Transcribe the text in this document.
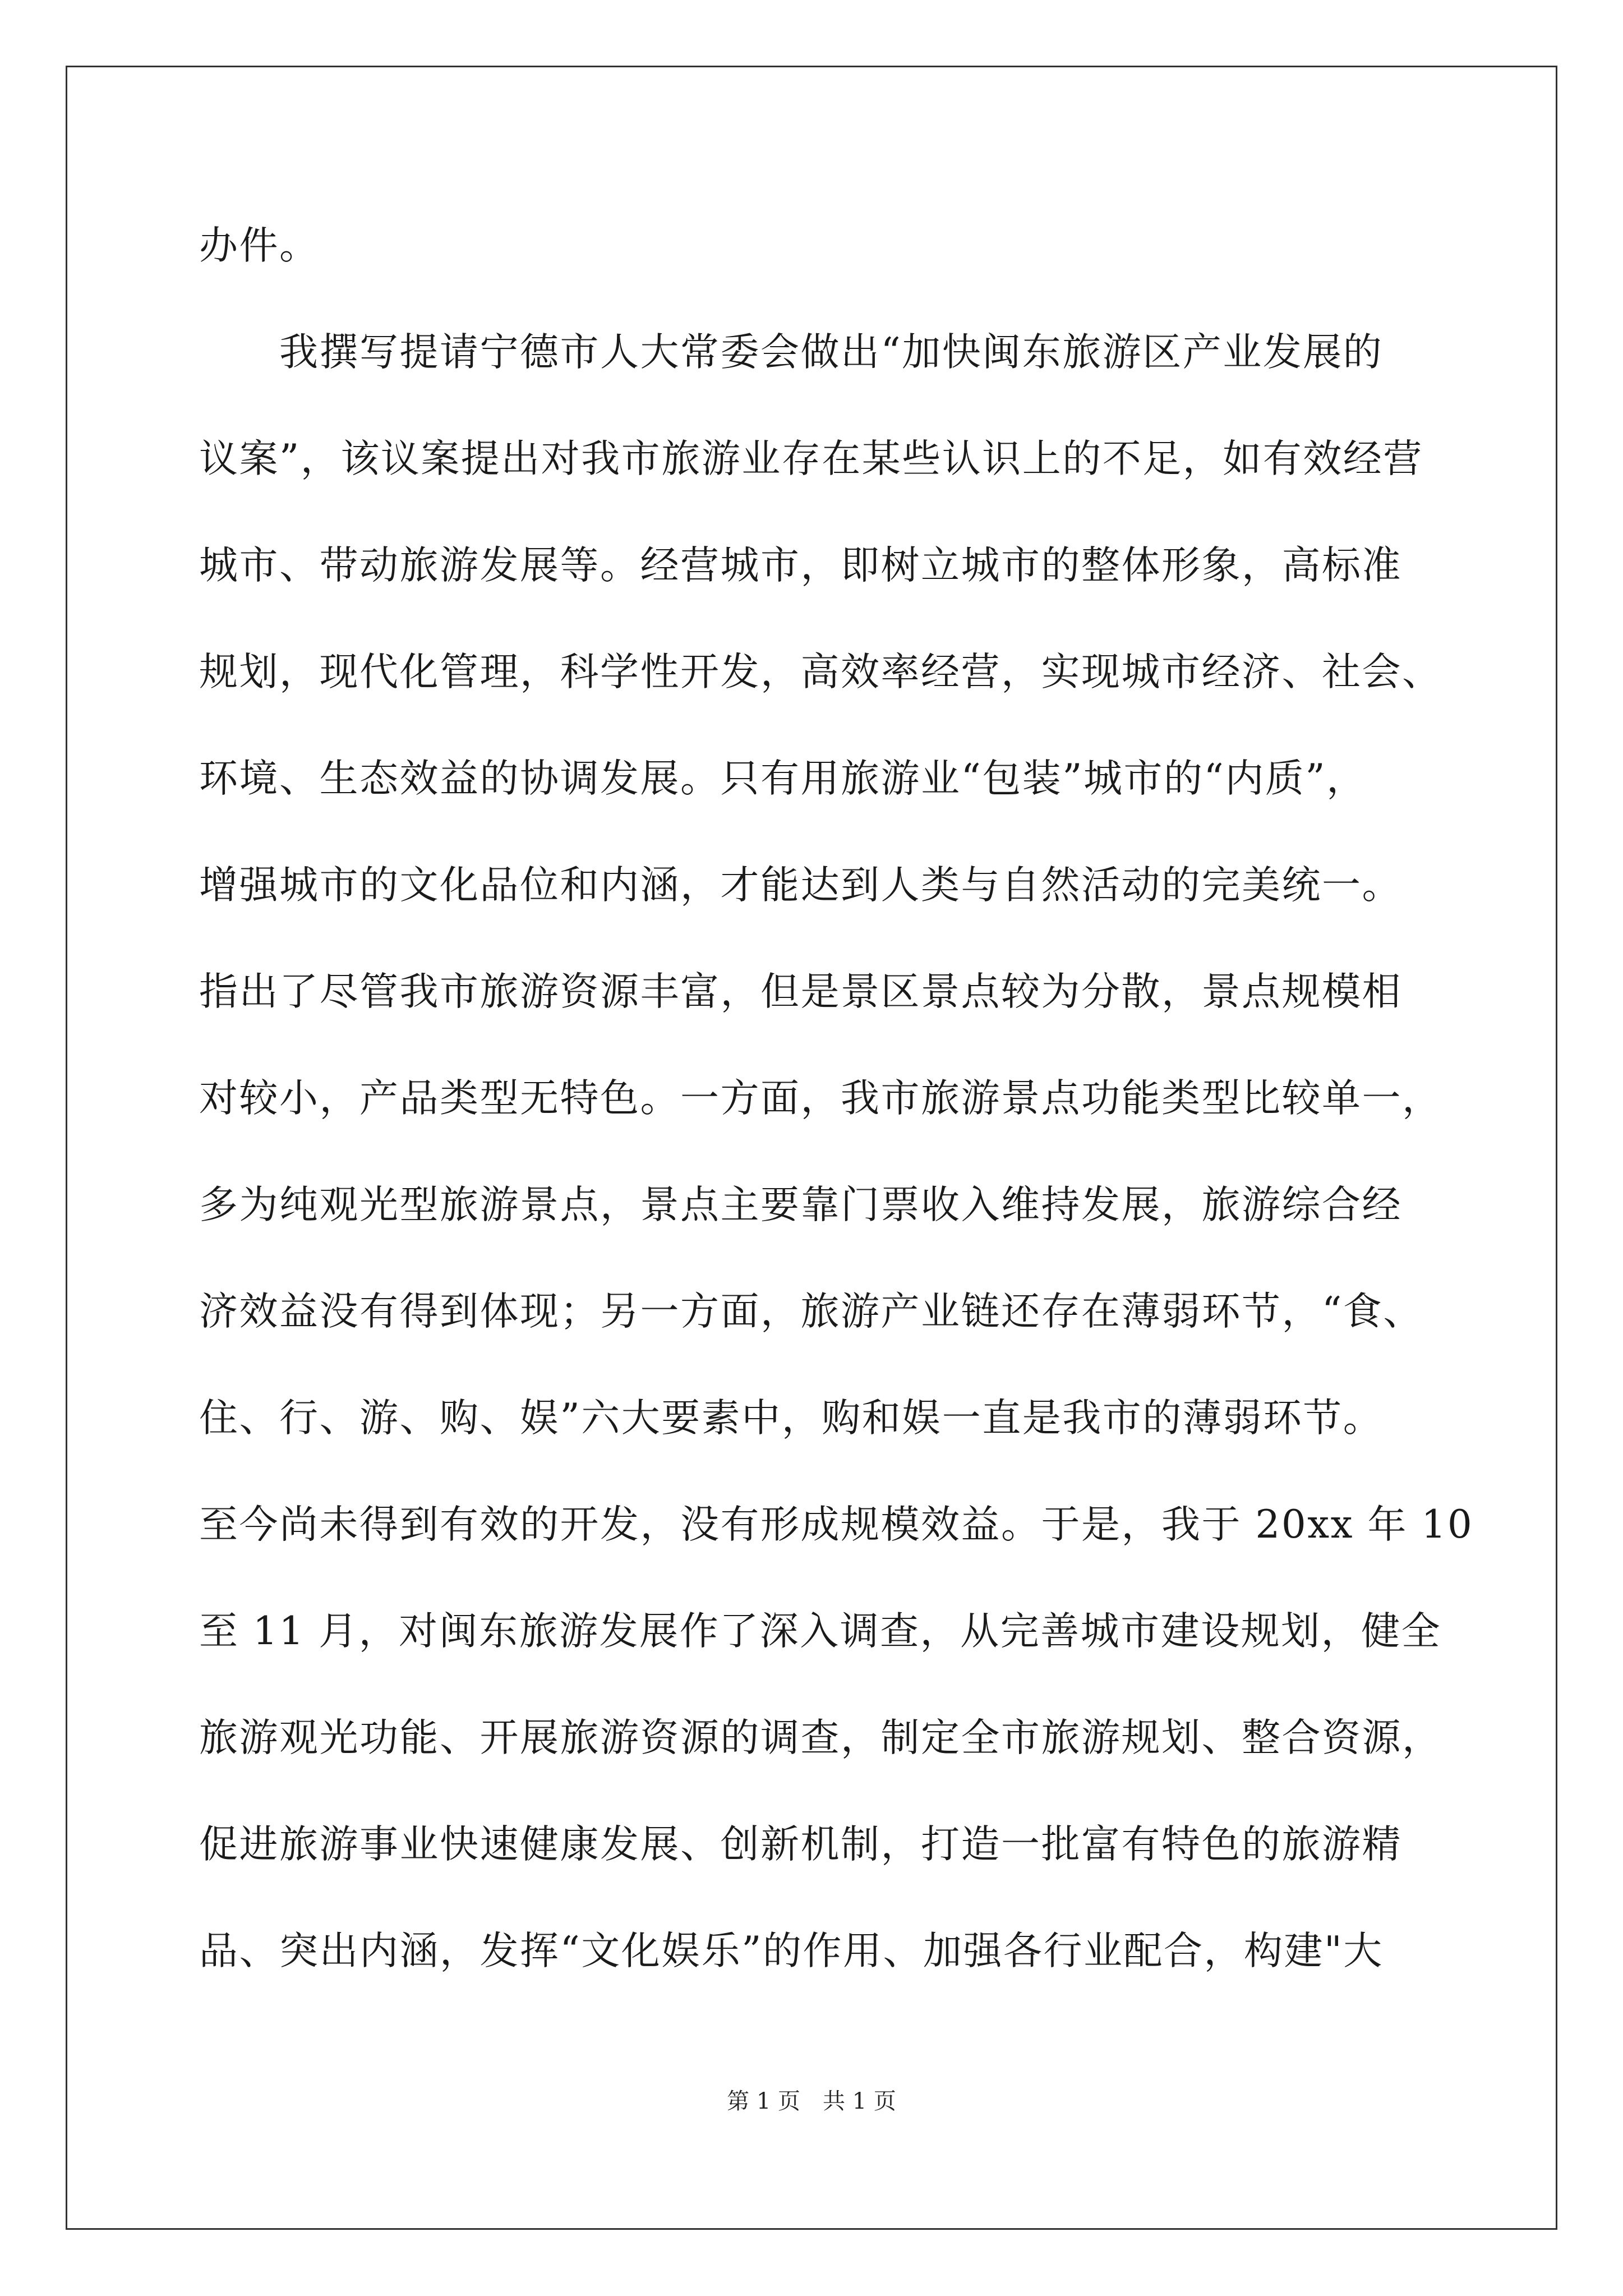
办件。
　　我撰写提请宁德市人大常委会做出“加快闽东旅游区产业发展的
议案”，该议案提出对我市旅游业存在某些认识上的不足，如有效经营
城市、带动旅游发展等。经营城市，即树立城市的整体形象，高标准
规划，现代化管理，科学性开发，高效率经营，实现城市经济、社会、
环境、生态效益的协调发展。只有用旅游业“包装”城市的“内质”，
增强城市的文化品位和内涵，才能达到人类与自然活动的完美统一。
指出了尽管我市旅游资源丰富，但是景区景点较为分散，景点规模相
对较小，产品类型无特色。一方面，我市旅游景点功能类型比较单一，
多为纯观光型旅游景点，景点主要靠门票收入维持发展，旅游综合经
济效益没有得到体现；另一方面，旅游产业链还存在薄弱环节，“食、
住、行、游、购、娱”六大要素中，购和娱一直是我市的薄弱环节。
至今尚未得到有效的开发，没有形成规模效益。于是，我于 20xx 年 10
至 11 月，对闽东旅游发展作了深入调查，从完善城市建设规划，健全
旅游观光功能、开展旅游资源的调查，制定全市旅游规划、整合资源，
促进旅游事业快速健康发展、创新机制，打造一批富有特色的旅游精
品、突出内涵，发挥“文化娱乐”的作用、加强各行业配合，构建"大
第 1 页　共 1 页
